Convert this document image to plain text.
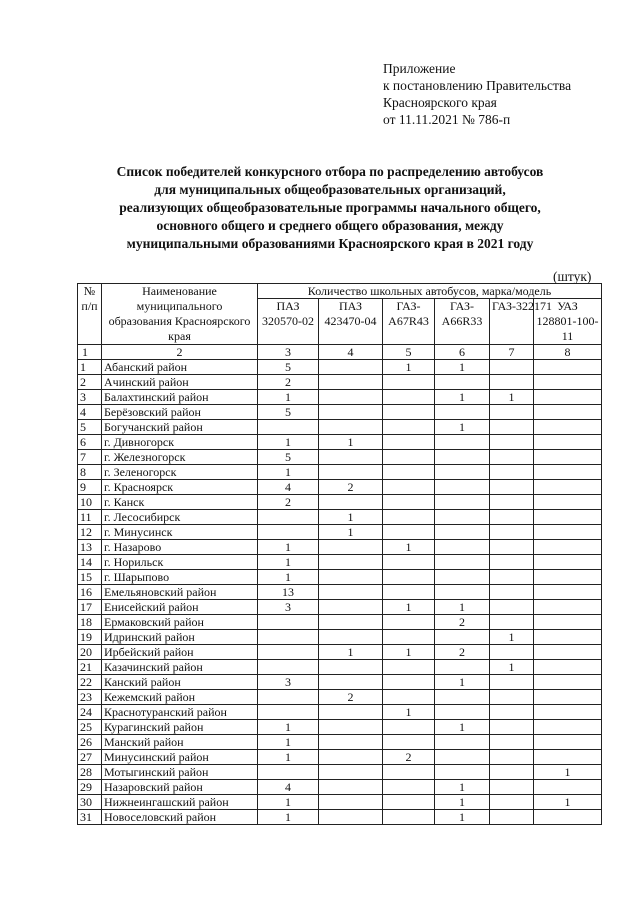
Приложение
к постановлению Правительства
Красноярского края
от 11.11.2021 № 786-п
Список победителей конкурсного отбора по распределению автобусов
для муниципальных общеобразовательных организаций,
реализующих общеобразовательные программы начального общего,
основного общего и среднего общего образования, между
муниципальными образованиями Красноярского края в 2021 году
(штук)
№ п/п	Наименование муниципального образования Красноярского края	Количество школьных автобусов, марка/модель					
		ПАЗ 320570-02	ПАЗ 423470-04	ГАЗ-А67R43	ГАЗ-А66R33	ГАЗ-322171	УАЗ 128801-100-11
1	2	3	4	5	6	7	8
1	Абанский район	5		1	1		
2	Ачинский район	2					
3	Балахтинский район	1			1	1	
4	Берёзовский район	5					
5	Богучанский район				1		
6	г. Дивногорск	1	1				
7	г. Железногорск	5					
8	г. Зеленогорск	1					
9	г. Красноярск	4	2				
10	г. Канск	2					
11	г. Лесосибирск		1				
12	г. Минусинск		1				
13	г. Назарово	1		1			
14	г. Норильск	1					
15	г. Шарыпово	1					
16	Емельяновский район	13					
17	Енисейский район	3		1	1		
18	Ермаковский район				2		
19	Идринский район					1	
20	Ирбейский район		1	1	2		
21	Казачинский район					1	
22	Канский район	3			1		
23	Кежемский район		2				
24	Краснотуранский район			1			
25	Курагинский район	1			1		
26	Манский район	1					
27	Минусинский район	1		2			
28	Мотыгинский район						1
29	Назаровский район	4			1		
30	Нижнеингашский район	1			1		1
31	Новоселовский район	1			1		
